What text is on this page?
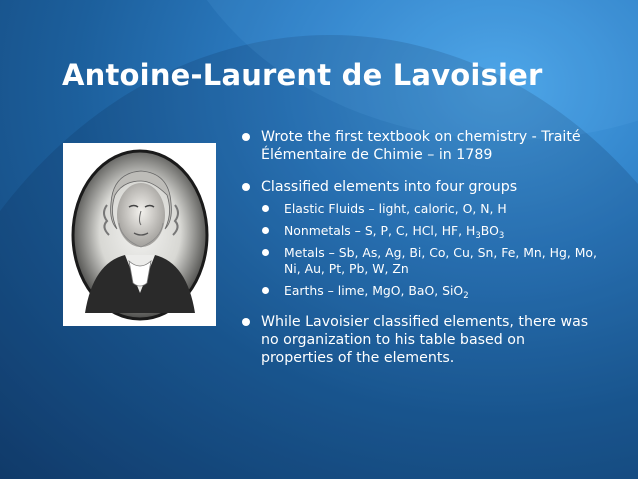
Antoine-Laurent de Lavoisier
Wrote the first textbook on chemistry - Traité Élémentaire de Chimie – in 1789
Classified elements into four groups
Elastic Fluids – light, caloric, O, N, H
Nonmetals – S, P, C, HCl, HF, $H_3BO_3$
Metals – Sb, As, Ag, Bi, Co, Cu, Sn, Fe, Mn, Hg, Mo, Ni, Au, Pt, Pb, W, Zn
Earths – lime, MgO, BaO, SiO$_2$
While Lavoisier classified elements, there was no organization to his table based on properties of the elements.
